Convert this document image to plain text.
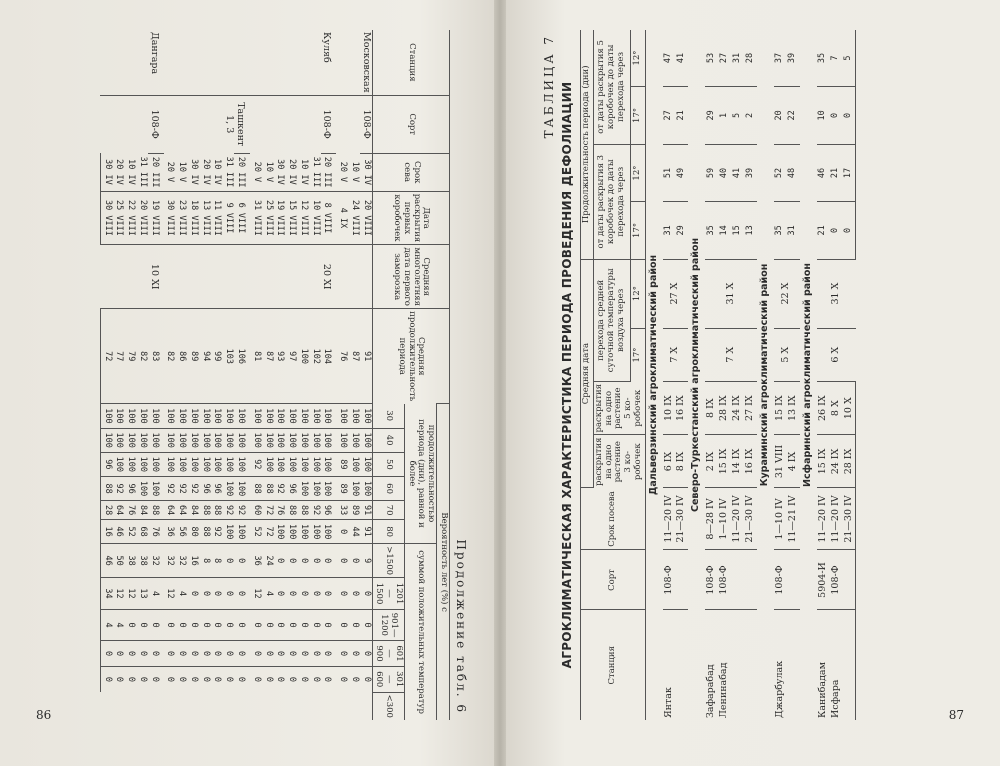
Продолжение табл. 6
Станция	Сорт	Срок сева	Дата раскрытия первых коробочек	Средняя многолетняя дата первого заморозка	Средняя продолжительность периода	Вероятность лет (%) с											
						продолжительностью периода (дни), равной и более						суммой положительных температур					
						30	40	50	60	70	80	>1500	1201—1500	901—1200	601—900	301—600	<300
Московская	108-Ф	30 IV	20 VIII		91	100	100	100	100	91	91	9	0	0	0	0	
		10 V	24 VIII		87	100	100	100	100	89	44	0	0	0	0	0	
		20 V	4 IX		76	100	100	89	89	33	0	0	0	0	0	0	
Куляб	108-Ф	20 III	8 VIII	20 XI	104	100	100	100	100	96	100	0	0	0	0	0	
		31 III	10 VIII		102	100	100	100	100	92	100	0	0	0	0	0	
		10 IV	12 VIII		100	100	100	100	100	88	100	0	0	0	0	0	
		20 IV	15 VIII		97	100	100	100	96	88	100	0	0	0	0	0	
		30 IV	19 VIII		93	100	100	100	92	76	100	0	0	0	0	0	
		10 V	25 VIII		87	100	100	100	88	72	72	24	4	0	0	0	
		20 V	31 VIII		81	100	100	92	88	60	52	36	12	0	0	0	
	Ташкент 1, 3	20 III	6 VIII		106	100	100	100	100	92	100	0	0	0	0	0	
		31 III	9 VIII		103	100	100	100	100	92	100	0	0	0	0	0	
		10 IV	11 VIII		99	100	100	100	96	88	92	8	0	0	0	0	
		20 IV	13 VIII		94	100	100	100	96	88	88	8	0	0	0	0	
		30 IV	18 VIII		89	100	100	100	92	84	80	16	0	0	0	0	
		10 V	23 VIII		86	100	100	100	92	64	56	32	4	0	0	0	
		20 V	30 VIII		82	100	100	100	92	64	36	32	12	0	0	0	
Дангара	108-Ф	20 III	19 VIII	10 XI	83	100	100	100	100	88	76	32	4	0	0	0	
		31 III	20 VIII		82	100	100	100	100	84	68	38	13	0	0	0	
		10 IV	22 VIII		79	100	100	100	96	76	52	38	12	0	0	0	
		20 IV	25 VIII		77	100	100	100	92	64	46	50	12	4	0	0	
		30 IV	30 VIII		72	100	100	96	88	28	16	46	34	4	0	0	
86
ТАБЛИЦА 7 АГРОКЛИМАТИЧЕСКАЯ ХАРАКТЕРИСТИКА ПЕРИОДА ПРОВЕДЕНИЯ ДЕФОЛИАЦИИ	Станция	Сорт	Срок посева	Средняя дата				Продолжительность периода (дни)			
			раскрытия на одно растение 3 ко-робочек	раскрытия на одно растение 5 ко-робочек	перехода средней суточной температуры воздуха через		от даты раскрытия 3 коробочек до даты перехода через		от даты раскрытия 5 коробочек до даты перехода через	
					17°	12°	17°	12°	17°	12°
Дальверзинский агроклиматический район										
Янтак	108-Ф	11—20 IV	6 IX	10 IX	7 X	27 X	31	51	27	47
		21—30 IV	8 IX	16 IX			29	49	21	41
Северо-Туркестанский агроклиматический район										
Зафарабад	108-Ф	8—28 IV	2 IX	8 IX	7 X	31 X	35	59	29	53
Ленинабад	108-Ф	1—10 IV	15 IX	28 IX			14	40	1	27
		11—20 IV	14 IX	24 IX			15	41	5	31
		21—30 IV	16 IX	27 IX			13	39	2	28
Кураминский агроклиматический район										
Джарбулак	108-Ф	1—10 IV	31 VIII	15 IX	5 X	22 X	35	52	20	37
		11—21 IV	4 IX	13 IX			31	48	22	39
Исфаринский агроклиматический район										
Канибадам	5904-И	11—20 IV	15 IX	26 IX	6 X	31 X	21	46	10	35
Исфара	108-Ф	11—20 IV	24 IX	8 X			0	21	0	7
		21—30 IV	28 IX	10 X			0	17	0	5
87
